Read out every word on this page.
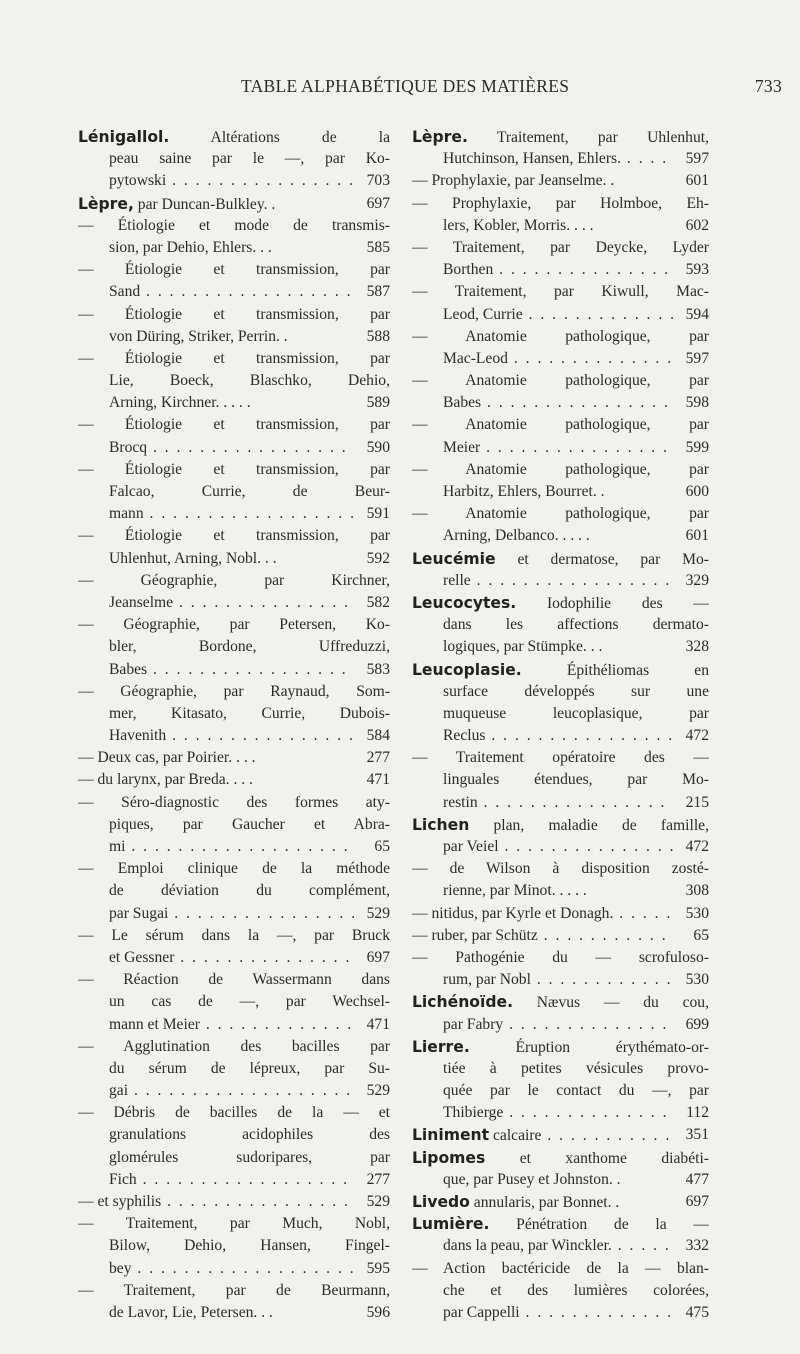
TABLE ALPHABÉTIQUE DES MATIÈRES	733
Lénigallol. Altérations de la
peau saine par le —, par Ko-
pytowski . . .	703
Lèpre, par Duncan-Bulkley. .	697
— Étiologie et mode de transmis-
sion, par Dehio, Ehlers. . .	585
— Étiologie et transmission, par
Sand . . .	587
— Étiologie et transmission, par
von Düring, Striker, Perrin. .	588
— Étiologie et transmission, par
Lie, Boeck, Blaschko, Dehio,
Arning, Kirchner. . . . .	589
— Étiologie et transmission, par
Brocq . . .	590
— Étiologie et transmission, par
Falcao, Currie, de Beur-
mann . . .	591
— Étiologie et transmission, par
Uhlenhut, Arning, Nobl. . .	592
— Géographie, par Kirchner,
Jeanselme . . .	582
— Géographie, par Petersen, Ko-
bler, Bordone, Uffreduzzi,
Babes . . .	583
— Géographie, par Raynaud, Som-
mer, Kitasato, Currie, Dubois-
Havenith . . .	584
— Deux cas, par Poirier. . . .	277
— du larynx, par Breda. . . .	471
— Séro-diagnostic des formes aty-
piques, par Gaucher et Abra-
mi . . .	65
— Emploi clinique de la méthode
de déviation du complément,
par Sugai . . .	529
— Le sérum dans la —, par Bruck
et Gessner . . .	697
— Réaction de Wassermann dans
un cas de —, par Wechsel-
mann et Meier . . .	471
— Agglutination des bacilles par
du sérum de lépreux, par Su-
gai . . .	529
— Débris de bacilles de la — et
granulations acidophiles des
glomérules sudoripares, par
Fich . . .	277
— et syphilis . . .	529
— Traitement, par Much, Nobl,
Bilow, Dehio, Hansen, Fingel-
bey . . .	595
— Traitement, par de Beurmann,
de Lavor, Lie, Petersen. . .	596
Lèpre. Traitement, par Uhlenhut,
Hutchinson, Hansen, Ehlers. . . .	597
— Prophylaxie, par Jeanselme. .	601
— Prophylaxie, par Holmboe, Eh-
lers, Kobler, Morris. . . .	602
— Traitement, par Deycke, Lyder
Borthen . . .	593
— Traitement, par Kiwull, Mac-
Leod, Currie . . .	594
— Anatomie pathologique, par
Mac-Leod . . .	597
— Anatomie pathologique, par
Babes . . .	598
— Anatomie pathologique, par
Meier . . .	599
— Anatomie pathologique, par
Harbitz, Ehlers, Bourret. .	600
— Anatomie pathologique, par
Arning, Delbanco. . . . .	601
Leucémie et dermatose, par Mo-
relle . . .	329
Leucocytes. Iodophilie des —
dans les affections dermato-
logiques, par Stümpke. . .	328
Leucoplasie. Épithéliomas en
surface développés sur une
muqueuse leucoplasique, par
Reclus . . .	472
— Traitement opératoire des —
linguales étendues, par Mo-
restin . . .	215
Lichen plan, maladie de famille,
par Veiel . . .	472
— de Wilson à disposition zosté-
rienne, par Minot. . . . .	308
— nitidus, par Kyrle et Donagh. . . .	530
— ruber, par Schütz . . .	65
— Pathogénie du — scrofuloso-
rum, par Nobl . . .	530
Lichénoïde. Nævus — du cou,
par Fabry . . .	699
Lierre. Éruption érythémato-or-
tiée à petites vésicules provo-
quée par le contact du —, par
Thibierge . . .	112
Liniment calcaire . . .	351
Lipomes et xanthome diabéti-
que, par Pusey et Johnston. .	477
Livedo annularis, par Bonnet. .	697
Lumière. Pénétration de la —
dans la peau, par Winckler. . . .	332
— Action bactéricide de la — blan-
che et des lumières colorées,
par Cappelli . . .	475
